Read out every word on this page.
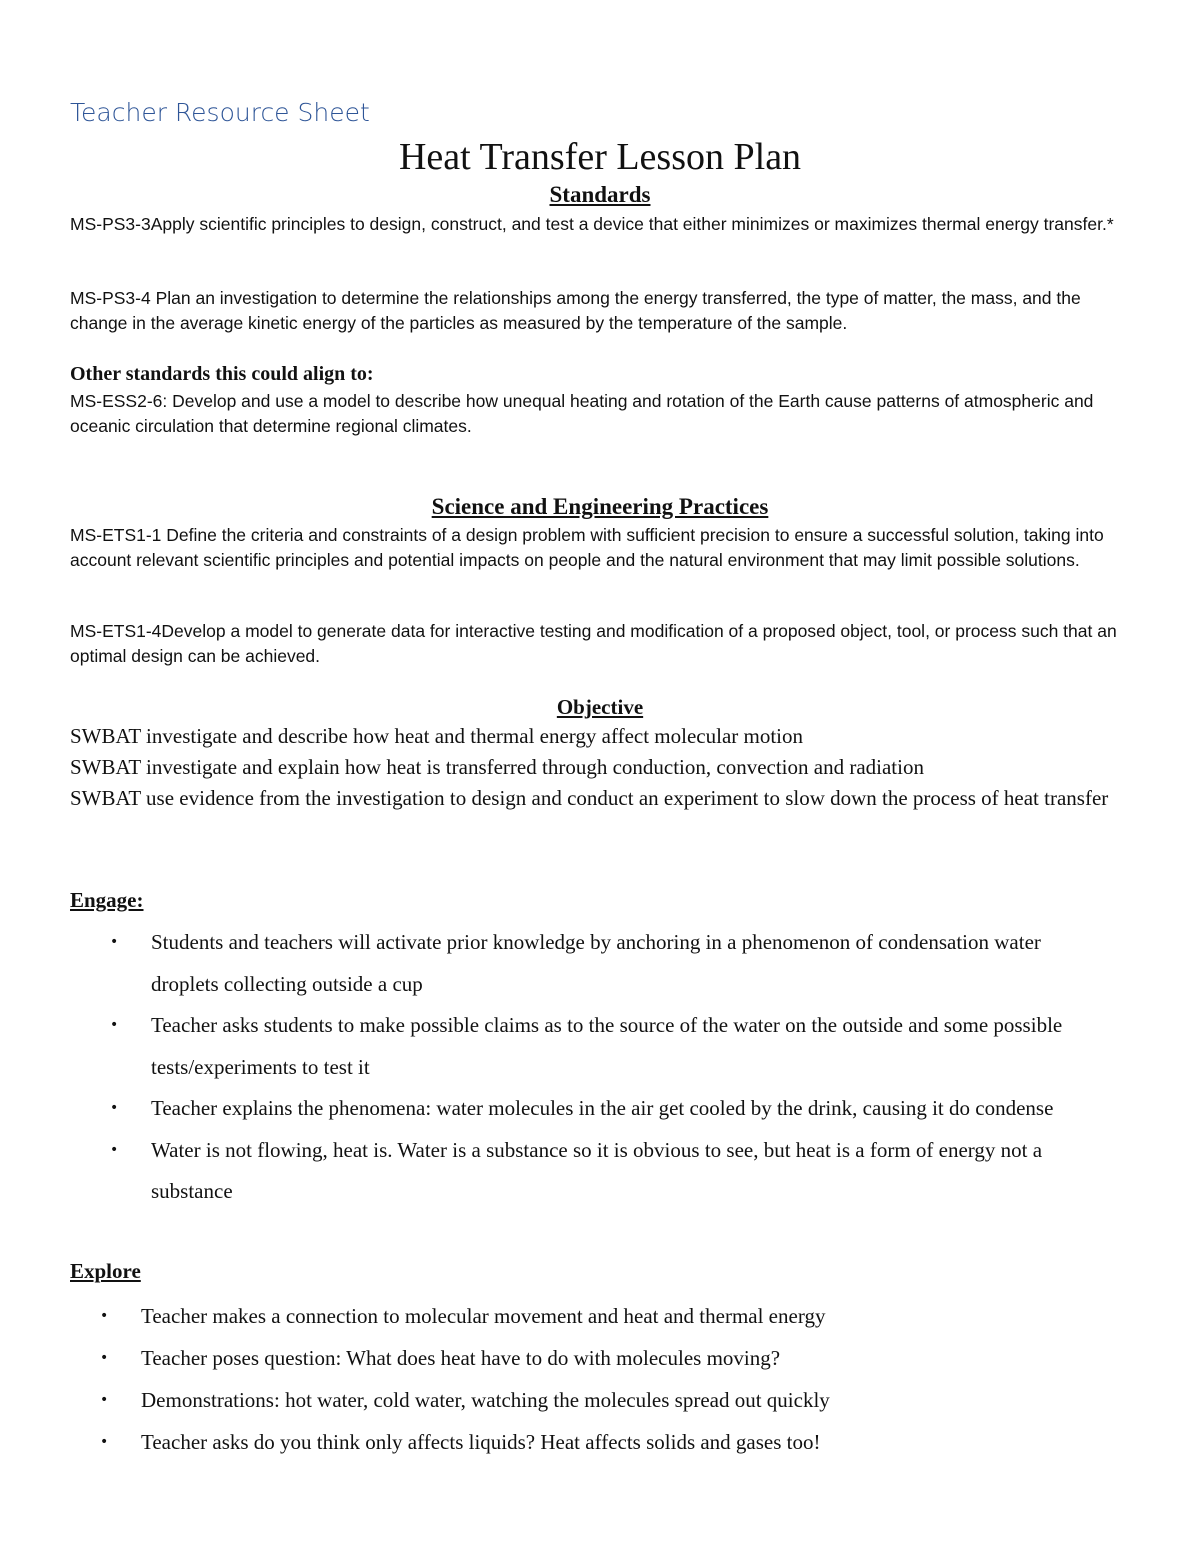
Teacher Resource Sheet
Heat Transfer Lesson Plan
Standards

MS-PS3-3Apply scientific principles to design, construct, and test a device that either minimizes or maximizes thermal energy transfer.*

MS-PS3-4 Plan an investigation to determine the relationships among the energy transferred, the type of matter, the mass, and the change in the average kinetic energy of the particles as measured by the temperature of the sample.

Other standards this could align to:

MS-ESS2-6: Develop and use a model to describe how unequal heating and rotation of the Earth cause patterns of atmospheric and oceanic circulation that determine regional climates.

Science and Engineering Practices

MS-ETS1-1 Define the criteria and constraints of a design problem with sufficient precision to ensure a successful solution, taking into account relevant scientific principles and potential impacts on people and the natural environment that may limit possible solutions.

MS-ETS1-4Develop a model to generate data for interactive testing and modification of a proposed object, tool, or process such that an optimal design can be achieved.

Objective

SWBAT investigate and describe how heat and thermal energy affect molecular motion

SWBAT investigate and explain how heat is transferred through conduction, convection and radiation

SWBAT use evidence from the investigation to design and conduct an experiment to slow down the process of heat transfer

Engage:
• Students and teachers will activate prior knowledge by anchoring in a phenomenon of condensation water droplets collecting outside a cup
• Teacher asks students to make possible claims as to the source of the water on the outside and some possible tests/experiments to test it
• Teacher explains the phenomena: water molecules in the air get cooled by the drink, causing it do condense
• Water is not flowing, heat is. Water is a substance so it is obvious to see, but heat is a form of energy not a substance
Explore
• Teacher makes a connection to molecular movement and heat and thermal energy
• Teacher poses question: What does heat have to do with molecules moving?
• Demonstrations: hot water, cold water, watching the molecules spread out quickly
• Teacher asks do you think only affects liquids? Heat affects solids and gases too!
